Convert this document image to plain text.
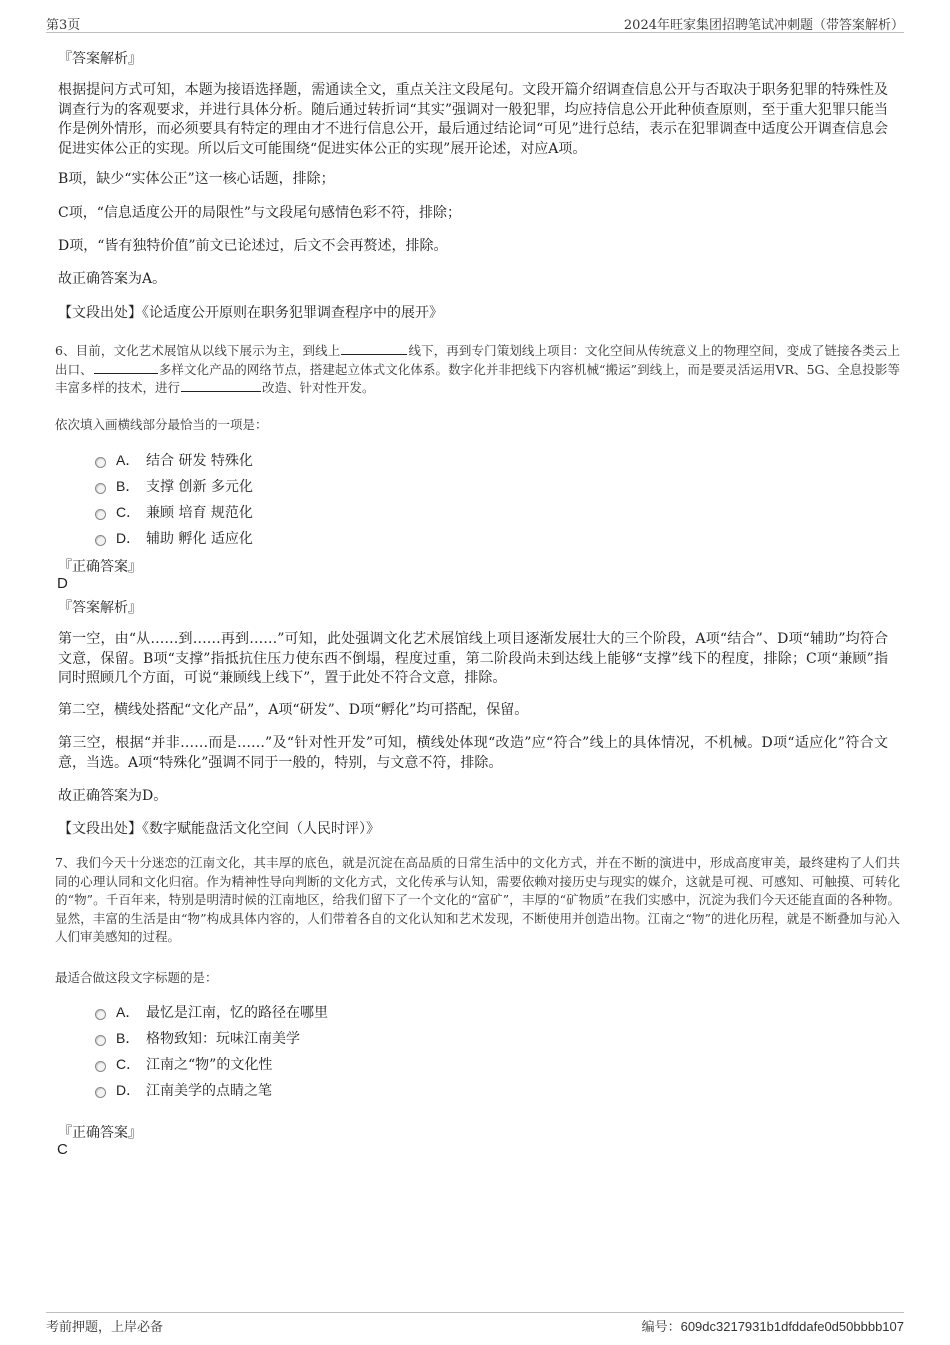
第3页	2024年旺家集团招聘笔试冲刺题（带答案解析）
『答案解析』
根据提问方式可知，本题为接语选择题，需通读全文，重点关注文段尾句。文段开篇介绍调查信息公开与否取决于职务犯罪的特殊性及调查行为的客观要求，并进行具体分析。随后通过转折词“其实”强调对一般犯罪，均应持信息公开此种侦查原则，至于重大犯罪只能当作是例外情形，而必须要具有特定的理由才不进行信息公开，最后通过结论词“可见”进行总结，表示在犯罪调查中适度公开调查信息会促进实体公正的实现。所以后文可能围绕“促进实体公正的实现”展开论述，对应A项。
B项，缺少“实体公正”这一核心话题，排除；
C项，“信息适度公开的局限性”与文段尾句感情色彩不符，排除；
D项，“皆有独特价值”前文已论述过，后文不会再赘述，排除。
故正确答案为A。
【文段出处】《论适度公开原则在职务犯罪调查程序中的展开》
6、目前，文化艺术展馆从以线下展示为主，到线上	线下，再到专门策划线上项目：文化空间从传统意义上的物理空间，变成了链接各类云上出口、	多样文化产品的网络节点，搭建起立体式文化体系。数字化并非把线下内容机械“搬运”到线上，而是要灵活运用VR、5G、全息投影等丰富多样的技术，进行	改造、针对性开发。
依次填入画横线部分最恰当的一项是：
A． 结合 研发 特殊化
B． 支撑 创新 多元化
C． 兼顾 培育 规范化
D． 辅助 孵化 适应化
『正确答案』
D
『答案解析』
第一空，由“从……到……再到……”可知，此处强调文化艺术展馆线上项目逐渐发展壮大的三个阶段，A项“结合”、D项“辅助”均符合文意，保留。B项“支撑”指抵抗住压力使东西不倒塌，程度过重，第二阶段尚未到达线上能够“支撑”线下的程度，排除；C项“兼顾”指同时照顾几个方面，可说“兼顾线上线下”，置于此处不符合文意，排除。
第二空，横线处搭配“文化产品”，A项“研发”、D项“孵化”均可搭配，保留。
第三空，根据“并非……而是……”及“针对性开发”可知，横线处体现“改造”应“符合”线上的具体情况，不机械。D项“适应化”符合文意，当选。A项“特殊化”强调不同于一般的，特别，与文意不符，排除。
故正确答案为D。
【文段出处】《数字赋能盘活文化空间（人民时评）》
7、我们今天十分迷恋的江南文化，其丰厚的底色，就是沉淀在高品质的日常生活中的文化方式，并在不断的演进中，形成高度审美，最终建构了人们共同的心理认同和文化归宿。作为精神性导向判断的文化方式，文化传承与认知，需要依赖对接历史与现实的媒介，这就是可视、可感知、可触摸、可转化的“物”。千百年来，特别是明清时候的江南地区，给我们留下了一个文化的“富矿”，丰厚的“矿物质”在我们实感中，沉淀为我们今天还能直面的各种物。显然，丰富的生活是由“物”构成具体内容的，人们带着各自的文化认知和艺术发现，不断使用并创造出物。江南之“物”的进化历程，就是不断叠加与沁入人们审美感知的过程。
最适合做这段文字标题的是：
A． 最忆是江南，忆的路径在哪里
B． 格物致知：玩味江南美学
C． 江南之“物”的文化性
D． 江南美学的点睛之笔
『正确答案』
C
考前押题，上岸必备	编号：609dc3217931b1dfddafe0d50bbbb107
